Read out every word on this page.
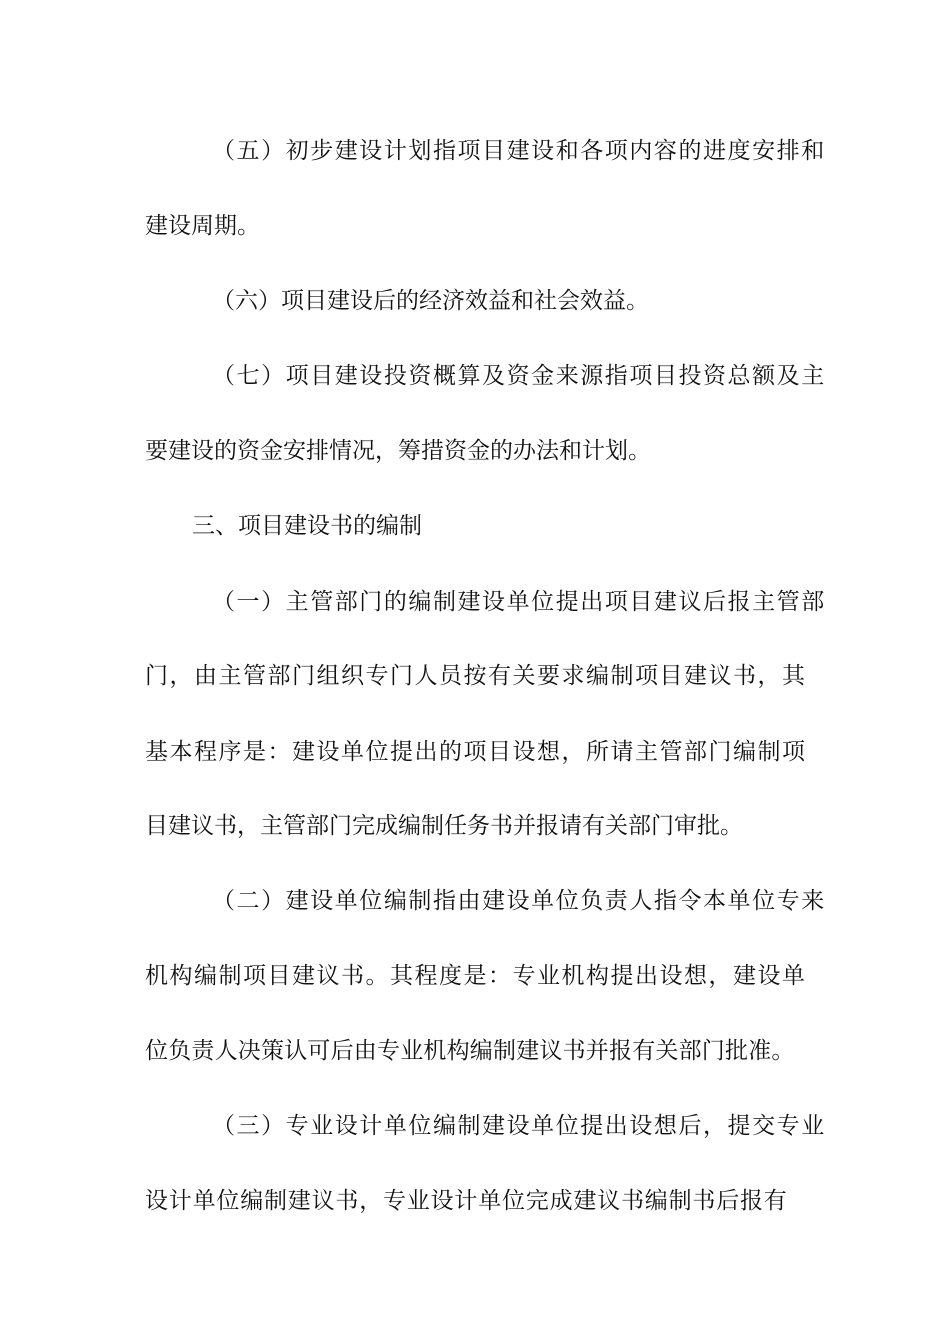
（五）初步建设计划指项目建设和各项内容的进度安排和
建设周期。
（六）项目建设后的经济效益和社会效益。
（七）项目建设投资概算及资金来源指项目投资总额及主
要建设的资金安排情况，筹措资金的办法和计划。
三、项目建设书的编制
（一）主管部门的编制建设单位提出项目建议后报主管部
门，由主管部门组织专门人员按有关要求编制项目建议书，其
基本程序是：建设单位提出的项目设想，所请主管部门编制项
目建议书，主管部门完成编制任务书并报请有关部门审批。
（二）建设单位编制指由建设单位负责人指令本单位专来
机构编制项目建议书。其程度是：专业机构提出设想，建设单
位负责人决策认可后由专业机构编制建议书并报有关部门批准。
（三）专业设计单位编制建设单位提出设想后，提交专业
设计单位编制建议书，专业设计单位完成建议书编制书后报有
